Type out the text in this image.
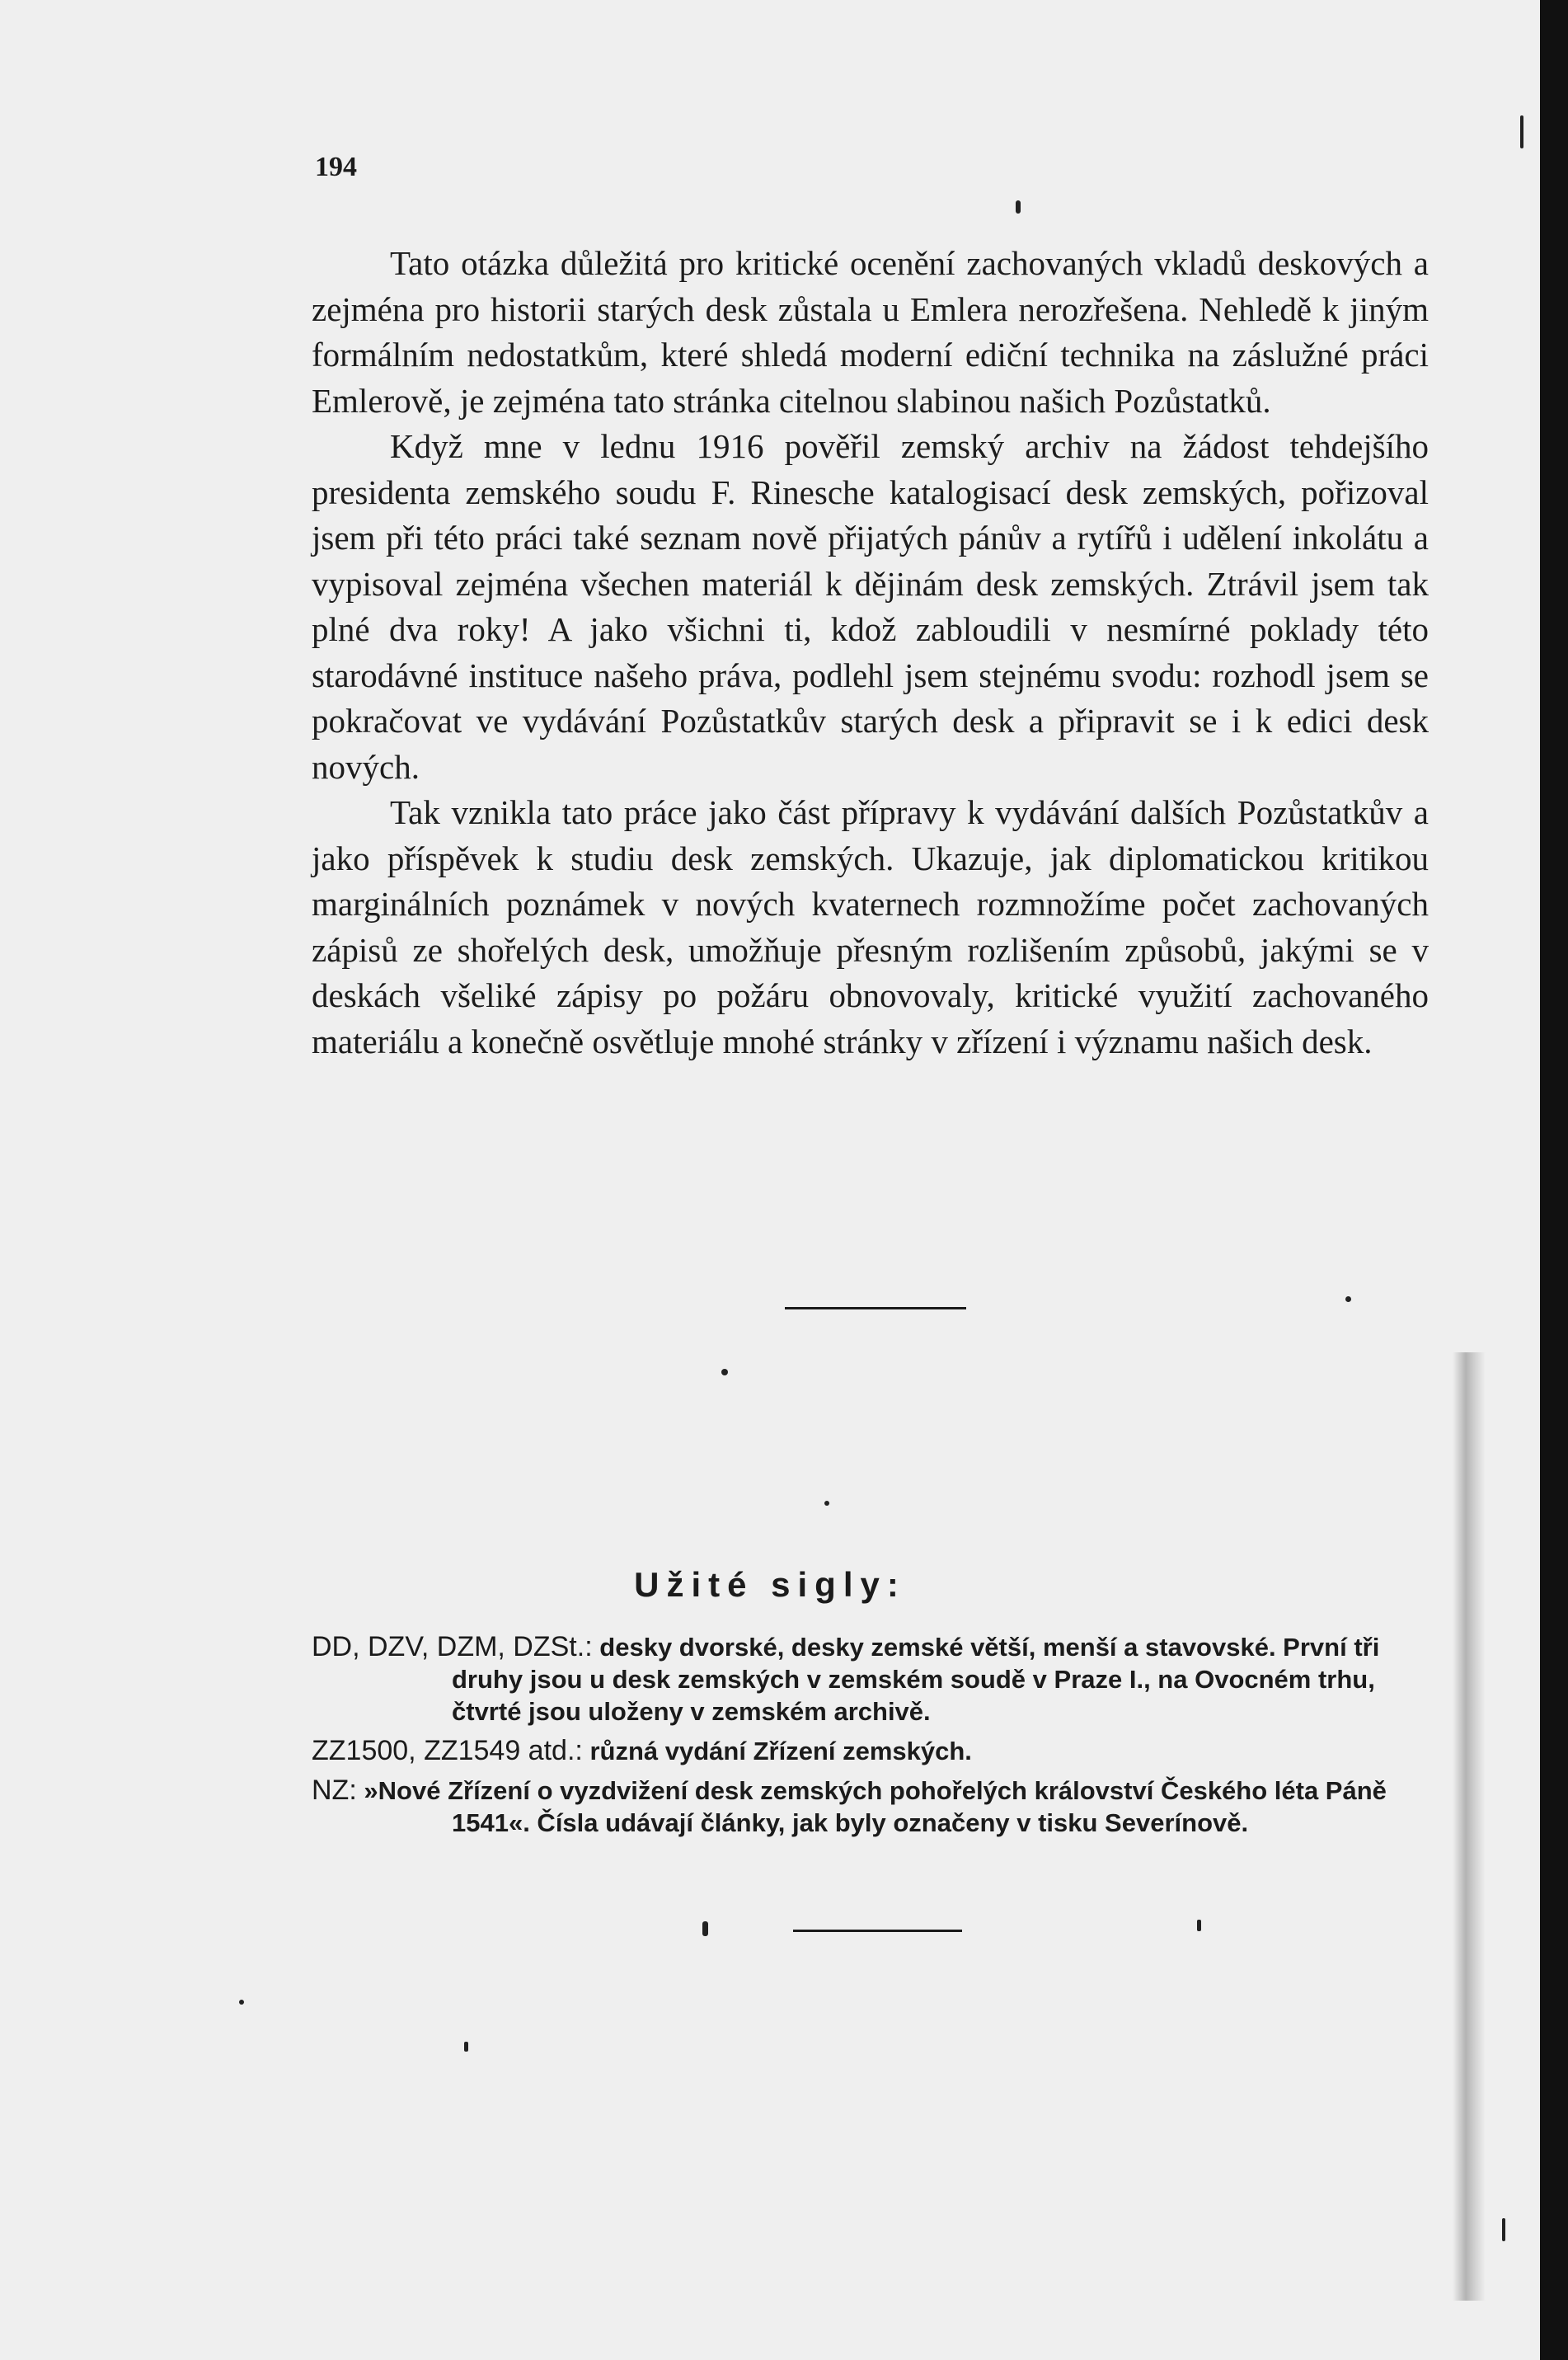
194

Tato otázka důležitá pro kritické ocenění zachovaných vkladů deskových a zejména pro historii starých desk zůstala u Emlera nerozřešena. Nehledě k jiným formálním nedostatkům, které shledá moderní ediční technika na záslužné práci Emlerově, je zejména tato stránka citelnou slabinou našich Pozůstatků.

Když mne v lednu 1916 pověřil zemský archiv na žádost tehdejšího presidenta zemského soudu F. Rinesche katalogisací desk zemských, pořizoval jsem při této práci také seznam nově přijatých pánův a rytířů i udělení inkolátu a vypisoval zejména všechen materiál k dějinám desk zemských. Ztrávil jsem tak plné dva roky! A jako všichni ti, kdož zabloudili v nesmírné poklady této starodávné instituce našeho práva, podlehl jsem stejnému svodu: rozhodl jsem se pokračovat ve vydávání Pozůstatkův starých desk a připravit se i k edici desk nových.

Tak vznikla tato práce jako část přípravy k vydávání dalších Pozůstatkův a jako příspěvek k studiu desk zemských. Ukazuje, jak diplomatickou kritikou marginálních poznámek v nových kvaternech rozmnožíme počet zachovaných zápisů ze shořelých desk, umožňuje přesným rozlišením způsobů, jakými se v deskách všeliké zápisy po požáru obnovovaly, kritické využití zachovaného materiálu a konečně osvětluje mnohé stránky v zřízení i významu našich desk.

Užité sigly:
DD, DZV, DZM, DZSt.: desky dvorské, desky zemské větší, menší a stavovské. První tři druhy jsou u desk zemských v zemském soudě v Praze I., na Ovocném trhu, čtvrté jsou uloženy v zemském archivě.
ZZ1500, ZZ1549 atd.: různá vydání Zřízení zemských.
NZ: »Nové Zřízení o vyzdvižení desk zemských pohořelých království Českého léta Páně 1541«. Čísla udávají články, jak byly označeny v tisku Severínově.
